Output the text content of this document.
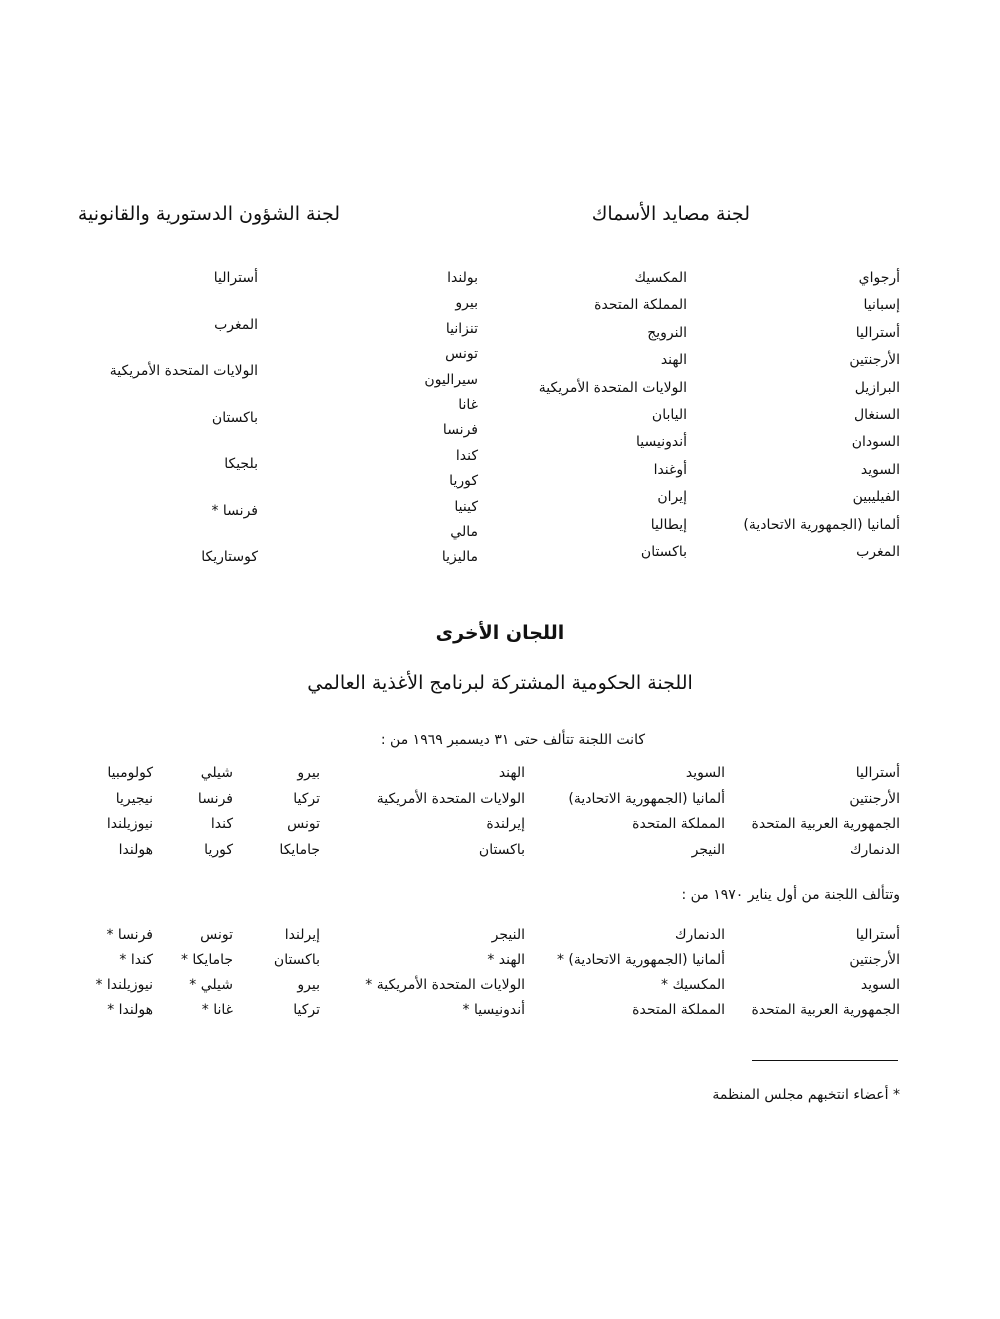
لجنة مصايد الأسماك
لجنة الشؤون الدستورية والقانونية
أرجواي
إسبانيا
أستراليا
الأرجنتين
البرازيل
السنغال
السودان
السويد
الفيليبين
ألمانيا (الجمهورية الاتحادية)
المغرب
المكسيك
المملكة المتحدة
النرويج
الهند
الولايات المتحدة الأمريكية
اليابان
أندونيسيا
أوغندا
إيران
إيطاليا
باكستان
بولندا
بيرو
تنزانيا
تونس
سيراليون
غانا
فرنسا
كندا
كوريا
كينيا
مالي
ماليزيا
أستراليا
المغرب
الولايات المتحدة الأمريكية
باكستان
بلجيكا
فرنسا *
كوستاريكا
أستراليا
السويد
الهند
بيرو
شيلي
كولومبيا
الأرجنتين
ألمانيا (الجمهورية الاتحادية)
الولايات المتحدة الأمريكية
تركيا
فرنسا
نيجيريا
الجمهورية العربية المتحدة
المملكة المتحدة
إيرلندة
تونس
كندا
نيوزيلندا
الدنمارك
النيجر
باكستان
جامايكا
كوريا
هولندا
أستراليا
الدنمارك
النيجر
إيرلندا
تونس
فرنسا *
الأرجنتين
ألمانيا (الجمهورية الاتحادية) *
الهند *
باكستان
جامايكا *
كندا *
السويد
المكسيك *
الولايات المتحدة الأمريكية *
بيرو
شيلي *
نيوزيلندا *
الجمهورية العربية المتحدة
المملكة المتحدة
أندونيسيا *
تركيا
غانا *
هولندا *
اللجان الأخرى
اللجنة الحكومية المشتركة لبرنامج الأغذية العالمي
كانت اللجنة تتألف حتى ٣١ ديسمبر ١٩٦٩ من :
وتتألف اللجنة من أول يناير ١٩٧٠ من :
* أعضاء انتخبهم مجلس المنظمة
